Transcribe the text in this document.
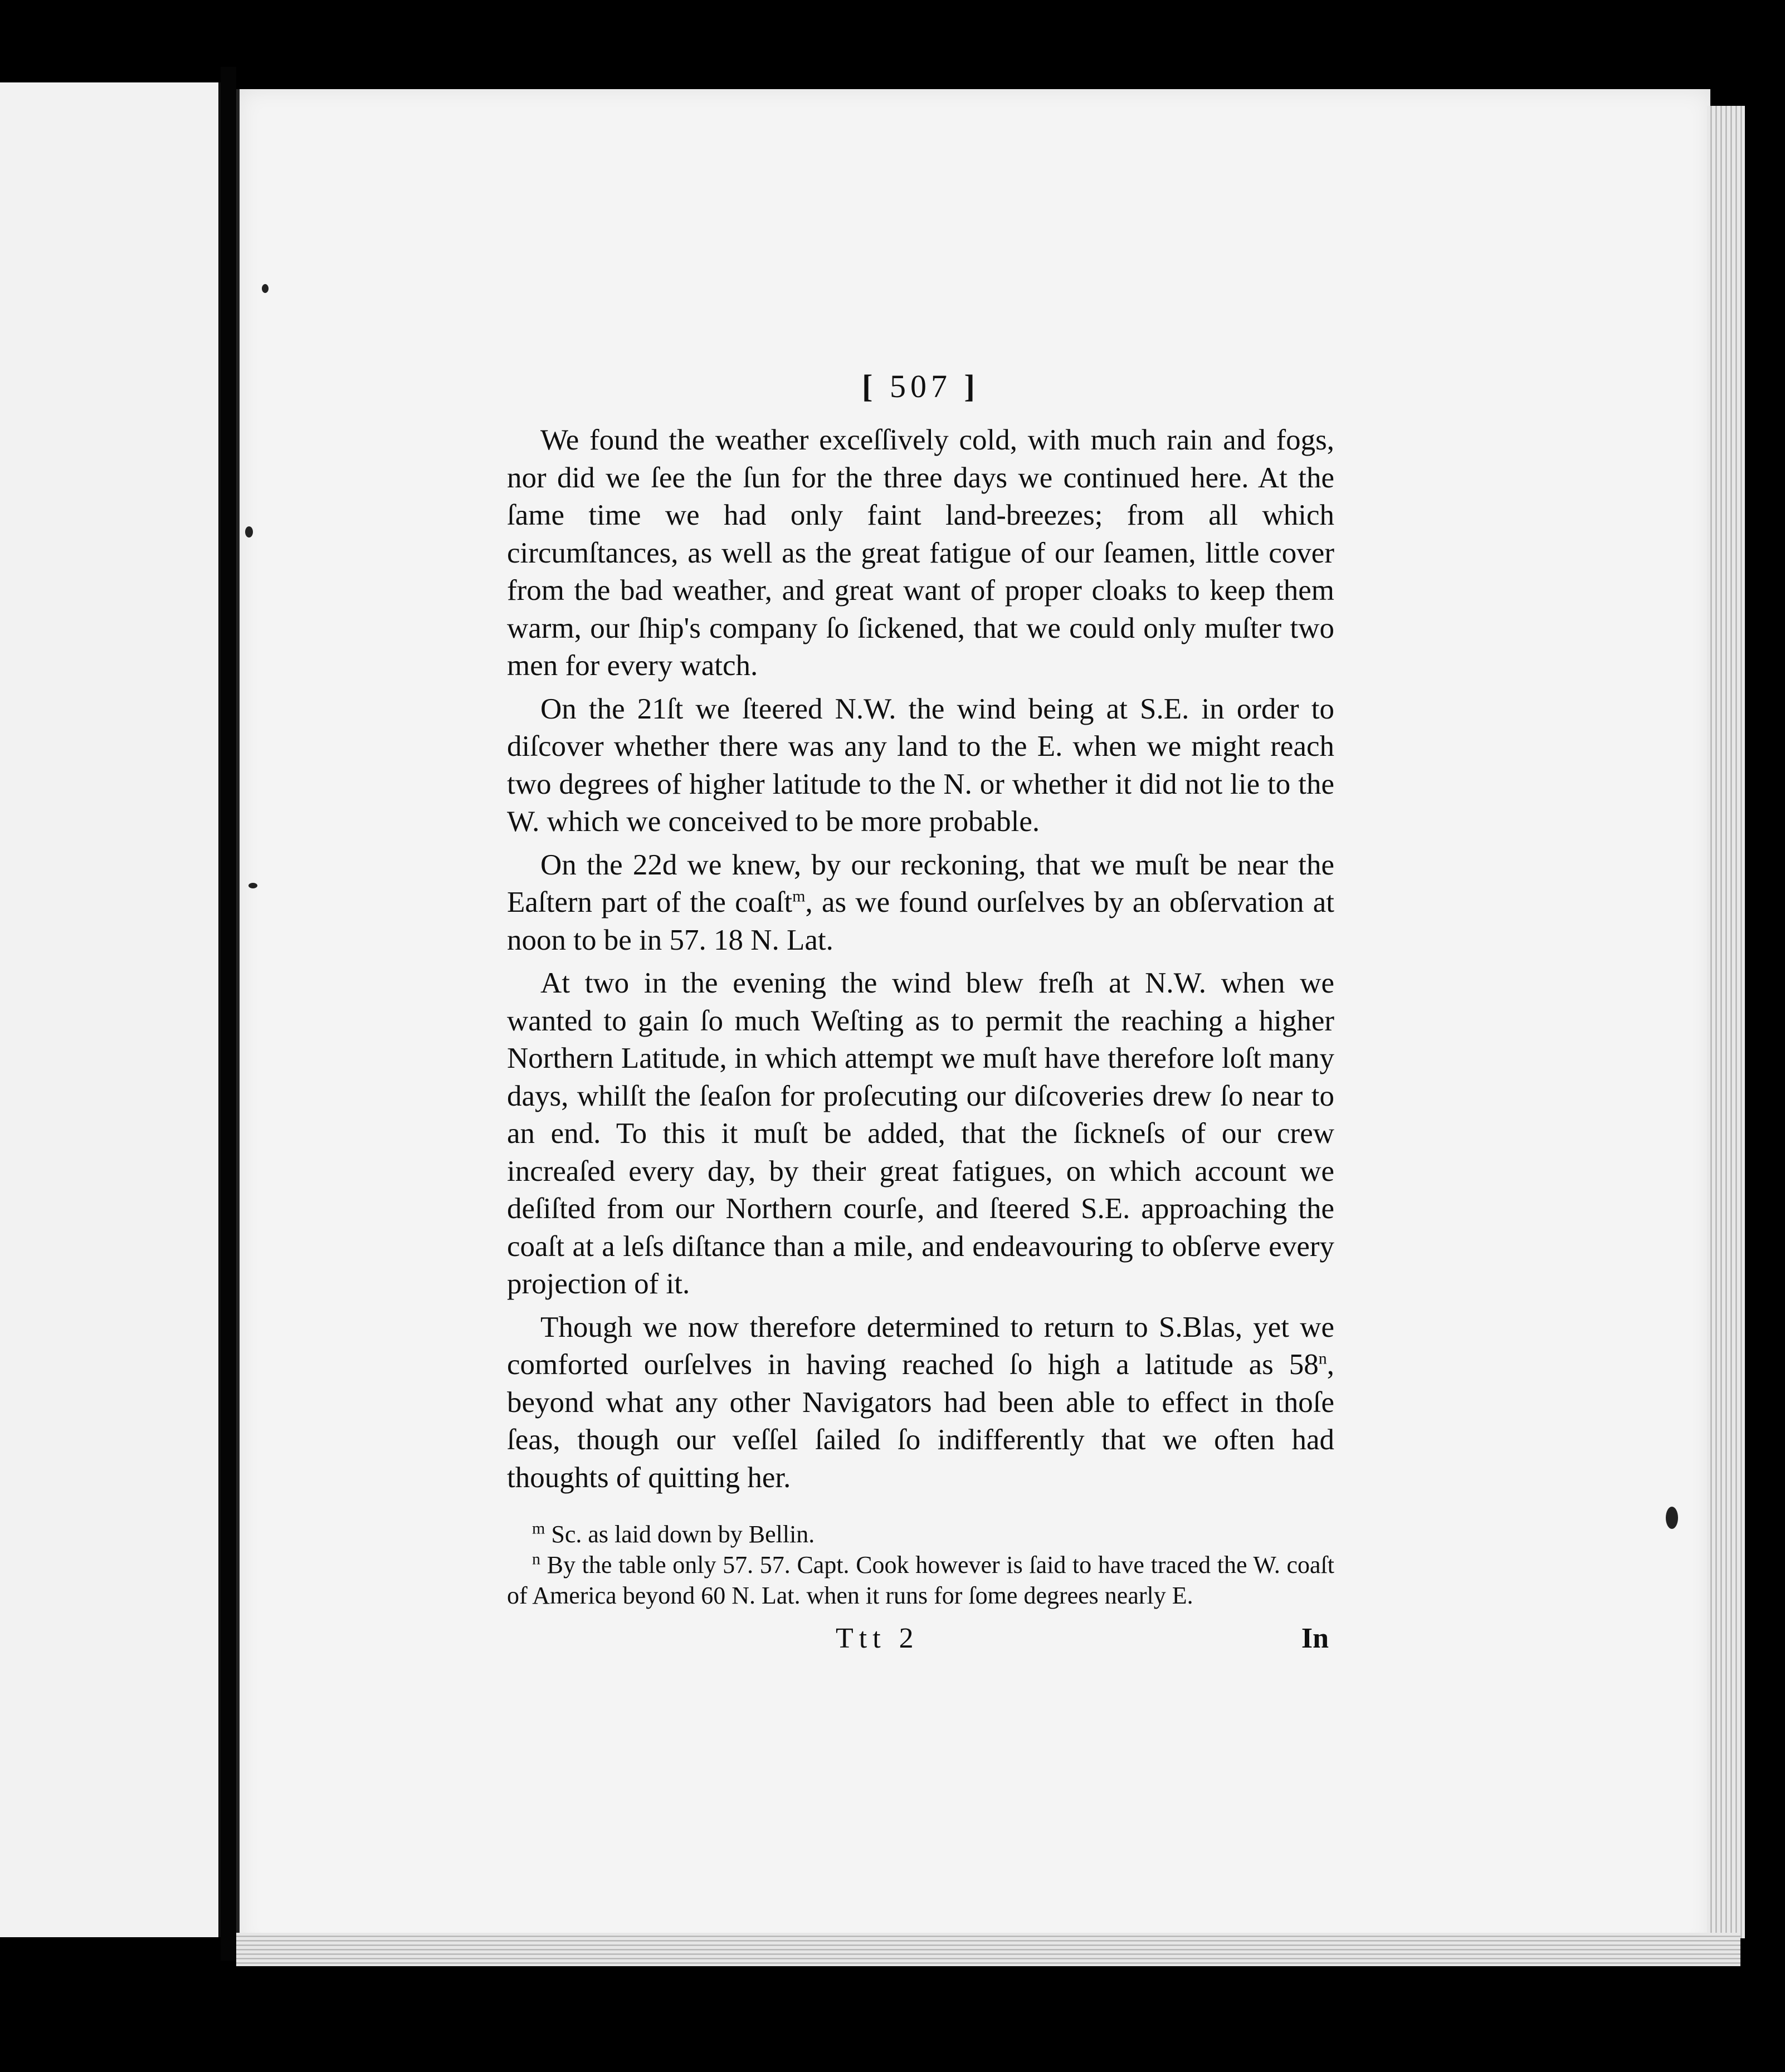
[ 507 ]

We found the weather exceſſively cold, with much rain and fogs, nor did we ſee the ſun for the three days we continued here. At the ſame time we had only faint land-breezes; from all which circumſtances, as well as the great fatigue of our ſeamen, little cover from the bad weather, and great want of proper cloaks to keep them warm, our ſhip's company ſo ſickened, that we could only muſter two men for every watch.

On the 21ſt we ſteered N.W. the wind being at S.E. in order to diſcover whether there was any land to the E. when we might reach two degrees of higher latitude to the N. or whether it did not lie to the W. which we conceived to be more probable.

On the 22d we knew, by our reckoning, that we muſt be near the Eaſtern part of the coaſt$^m$, as we found ourſelves by an obſervation at noon to be in 57. 18 N. Lat.

At two in the evening the wind blew freſh at N.W. when we wanted to gain ſo much Weſting as to permit the reaching a higher Northern Latitude, in which attempt we muſt have therefore loſt many days, whilſt the ſeaſon for proſecuting our diſcoveries drew ſo near to an end. To this it muſt be added, that the ſickneſs of our crew increaſed every day, by their great fatigues, on which account we deſiſted from our Northern courſe, and ſteered S.E. approaching the coaſt at a leſs diſtance than a mile, and endeavouring to obſerve every projection of it.

Though we now therefore determined to return to S.Blas, yet we comforted ourſelves in having reached ſo high a latitude as 58$^n$, beyond what any other Navigators had been able to effect in thoſe ſeas, though our veſſel ſailed ſo indifferently that we often had thoughts of quitting her.

$^m$ Sc. as laid down by Bellin.

$^n$ By the table only 57. 57. Capt. Cook however is ſaid to have traced the W. coaſt of America beyond 60 N. Lat. when it runs for ſome degrees nearly E.

Ttt 2	In
